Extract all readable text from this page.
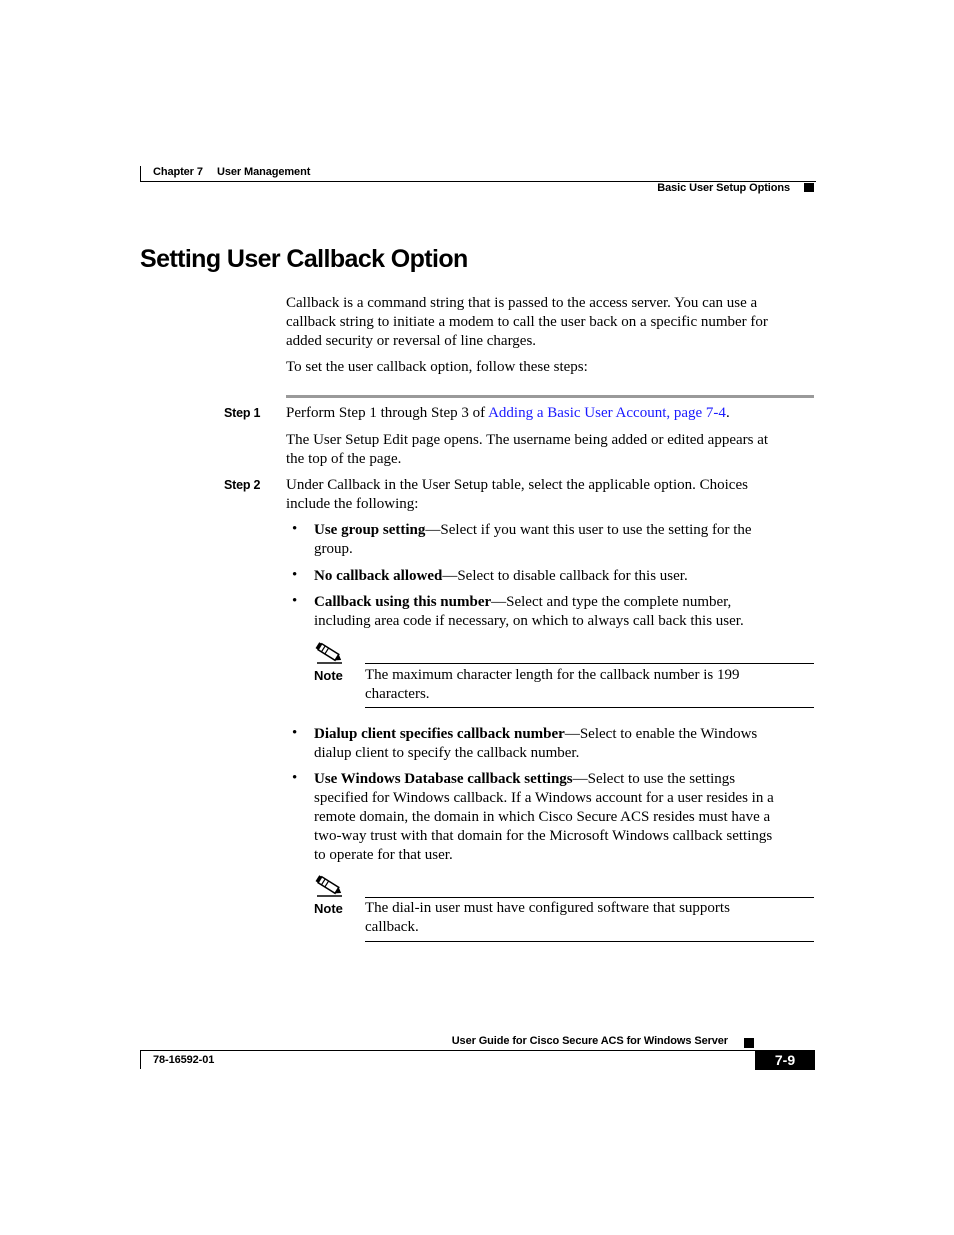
Chapter 7 User Management
Basic User Setup Options
Setting User Callback Option
Callback is a command string that is passed to the access server. You can use a
callback string to initiate a modem to call the user back on a specific number for
added security or reversal of line charges.
To set the user callback option, follow these steps:
Step 1 Perform Step 1 through Step 3 of Adding a Basic User Account, page 7-4.
The User Setup Edit page opens. The username being added or edited appears at
the top of the page.
Step 2 Under Callback in the User Setup table, select the applicable option. Choices
include the following:
• Use group setting—Select if you want this user to use the setting for the
group.
• No callback allowed—Select to disable callback for this user.
• Callback using this number—Select and type the complete number,
including area code if necessary, on which to always call back this user.
Note The maximum character length for the callback number is 199
characters.
• Dialup client specifies callback number—Select to enable the Windows
dialup client to specify the callback number.
• Use Windows Database callback settings—Select to use the settings
specified for Windows callback. If a Windows account for a user resides in a
remote domain, the domain in which Cisco Secure ACS resides must have a
two-way trust with that domain for the Microsoft Windows callback settings
to operate for that user.
Note The dial-in user must have configured software that supports
callback.
User Guide for Cisco Secure ACS for Windows Server
7-9
78-16592-01
